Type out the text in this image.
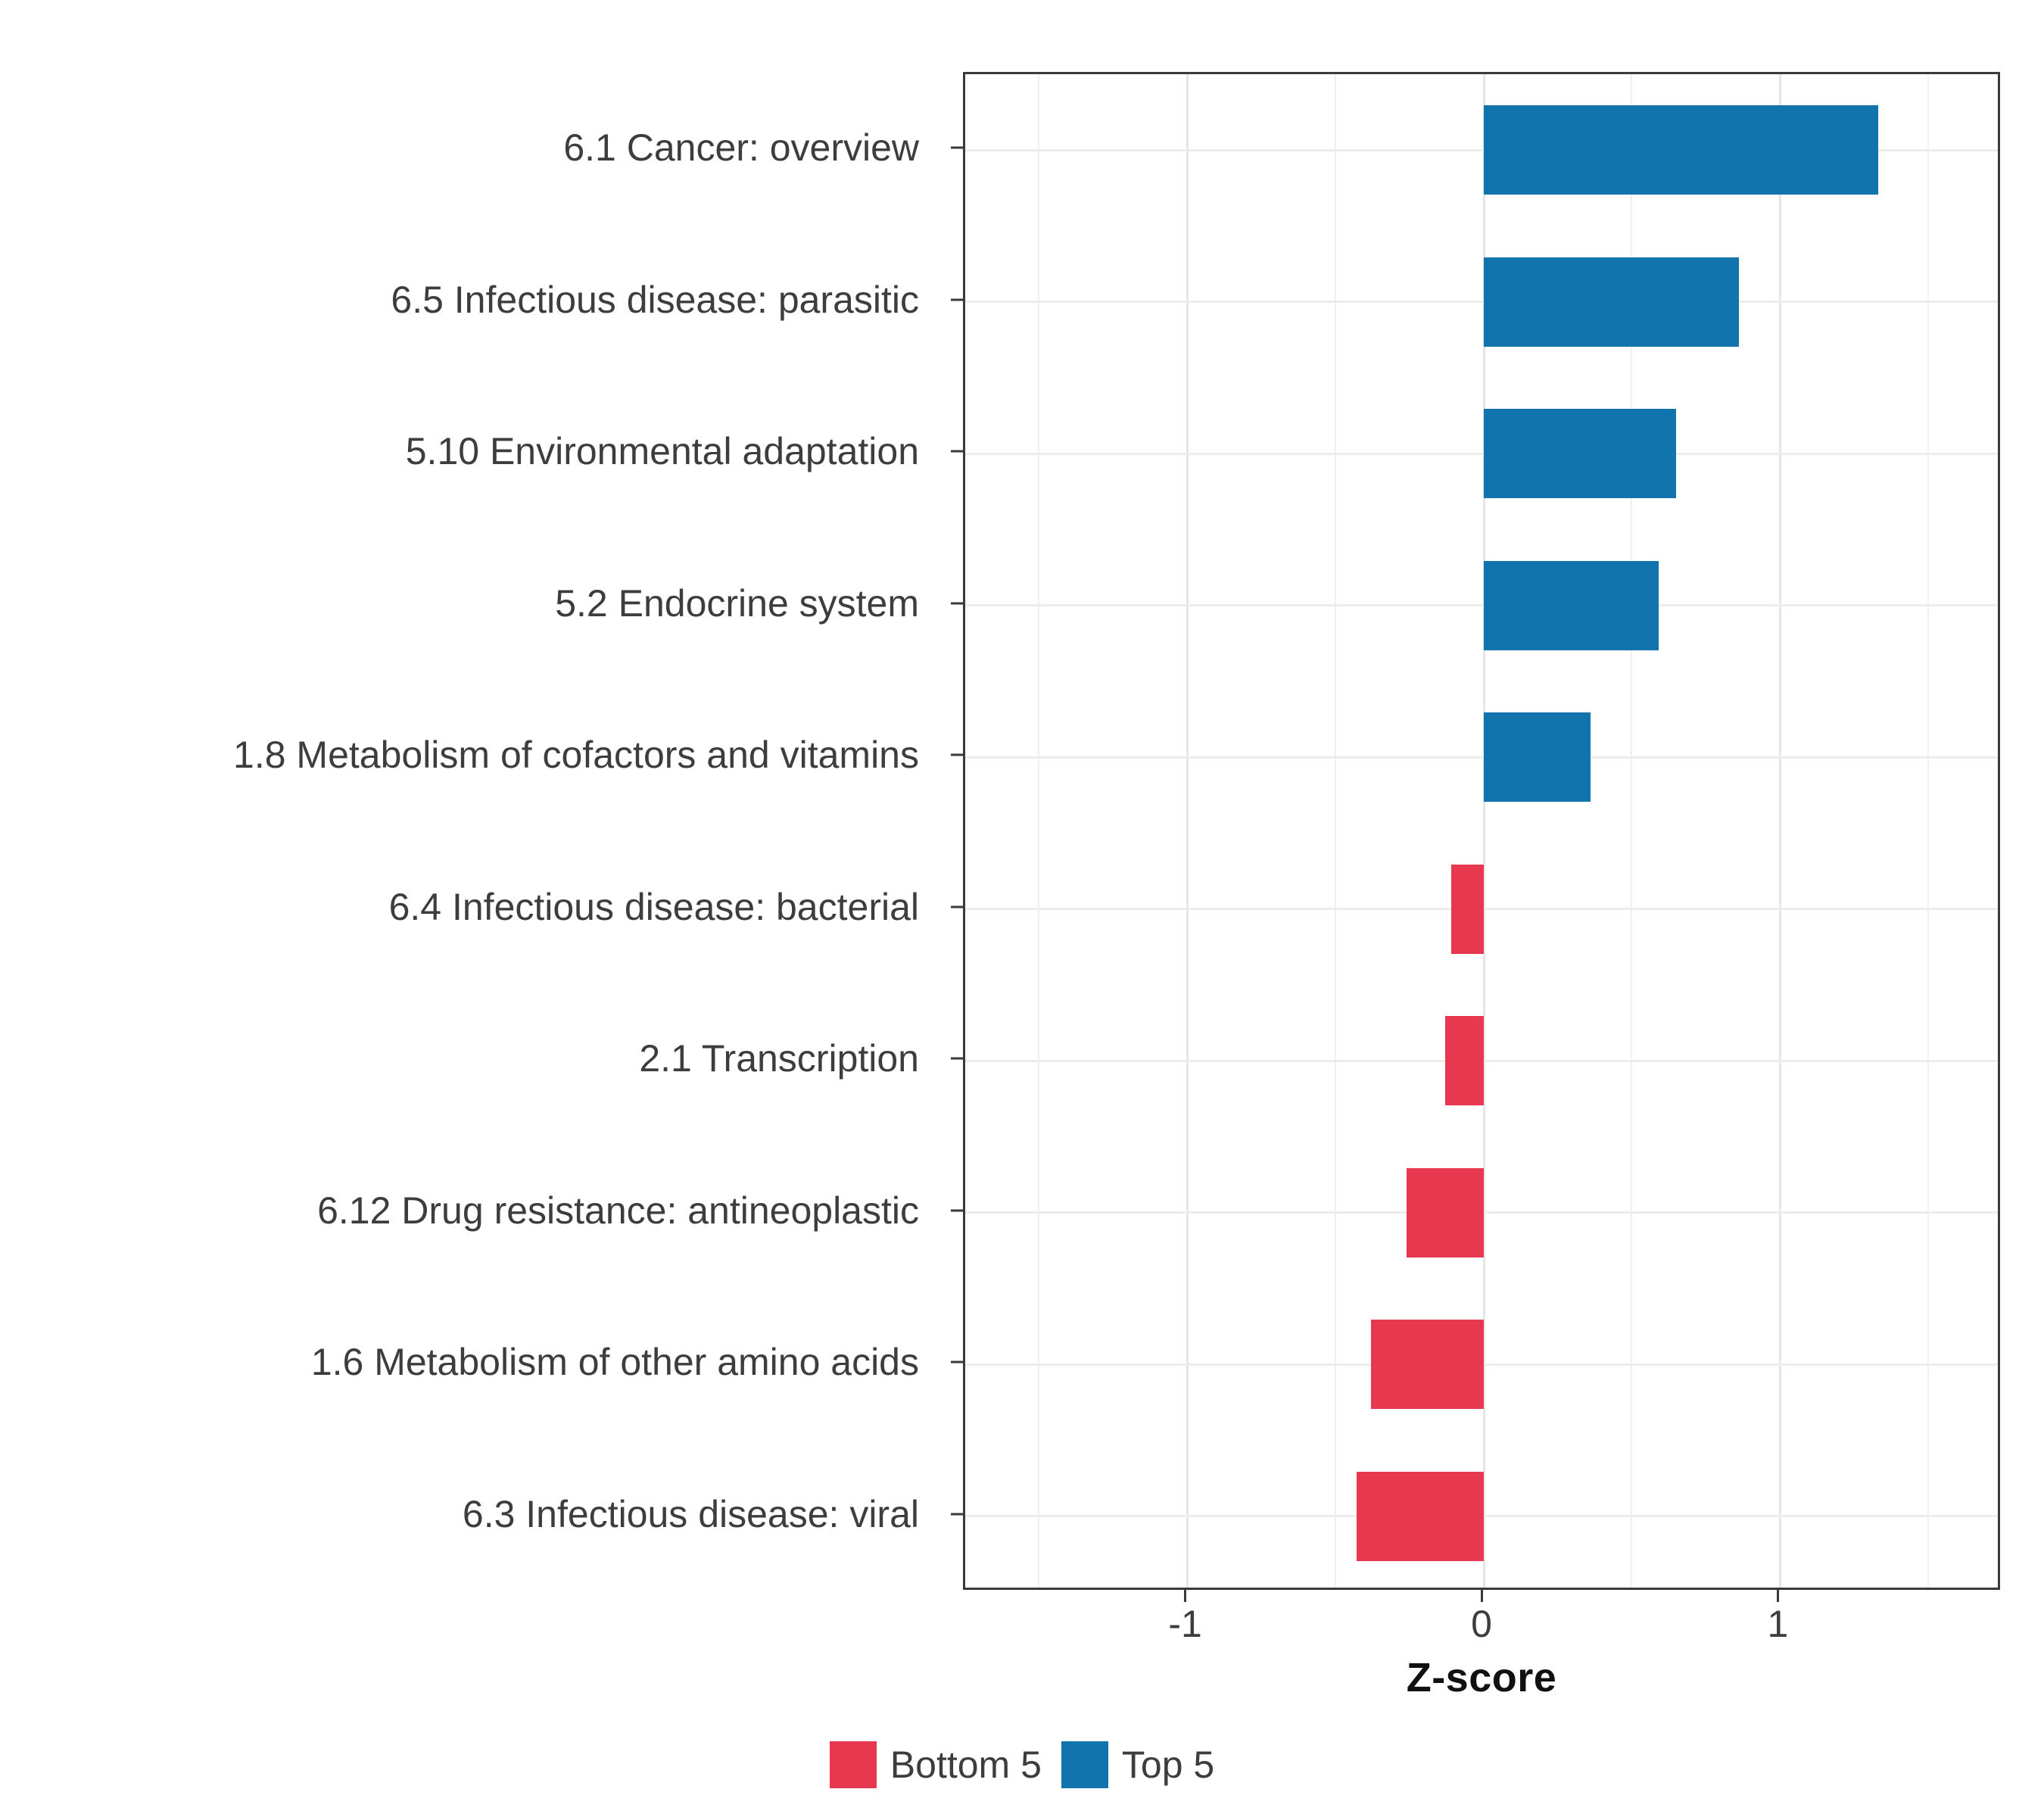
6.1 Cancer: overview
6.5 Infectious disease: parasitic
5.10 Environmental adaptation
5.2 Endocrine system
1.8 Metabolism of cofactors and vitamins
6.4 Infectious disease: bacterial
2.1 Transcription
6.12 Drug resistance: antineoplastic
1.6 Metabolism of other amino acids
6.3 Infectious disease: viral
-1	0	1
Z-score
Bottom 5 Top 5
